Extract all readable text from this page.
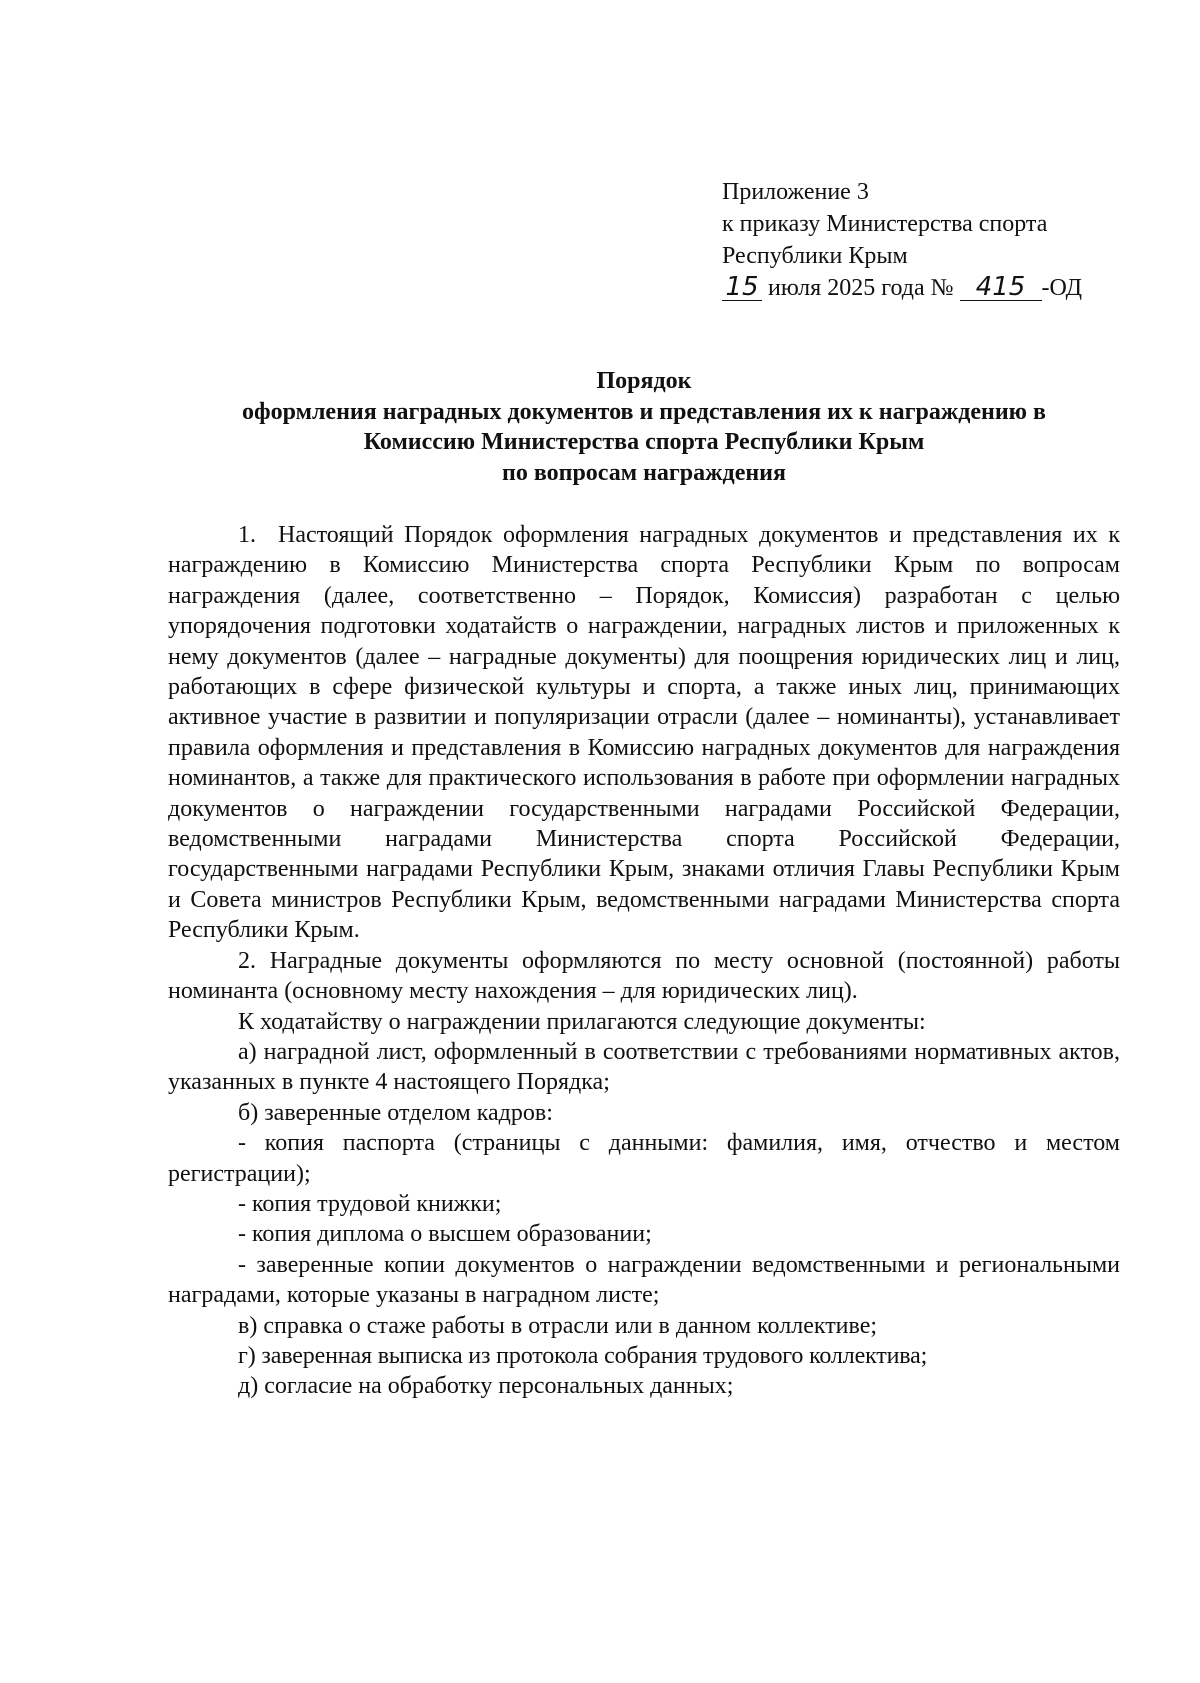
Приложение 3
к приказу Министерства спорта
Республики Крым
15 июля 2025 года № 415 -ОД
Порядок
оформления наградных документов и представления их к награждению в
Комиссию Министерства спорта Республики Крым
по вопросам награждения

1. Настоящий Порядок оформления наградных документов и представления их к награждению в Комиссию Министерства спорта Республики Крым по вопросам награждения (далее, соответственно – Порядок, Комиссия) разработан с целью упорядочения подготовки ходатайств о награждении, наградных листов и приложенных к нему документов (далее – наградные документы) для поощрения юридических лиц и лиц, работающих в сфере физической культуры и спорта, а также иных лиц, принимающих активное участие в развитии и популяризации отрасли (далее – номинанты), устанавливает правила оформления и представления в Комиссию наградных документов для награждения номинантов, а также для практического использования в работе при оформлении наградных документов о награждении государственными наградами Российской Федерации, ведомственными наградами Министерства спорта Российской Федерации, государственными наградами Республики Крым, знаками отличия Главы Республики Крым и Совета министров Республики Крым, ведомственными наградами Министерства спорта Республики Крым.

2. Наградные документы оформляются по месту основной (постоянной) работы номинанта (основному месту нахождения – для юридических лиц).

К ходатайству о награждении прилагаются следующие документы:

а) наградной лист, оформленный в соответствии с требованиями нормативных актов, указанных в пункте 4 настоящего Порядка;

б) заверенные отделом кадров:

- копия паспорта (страницы с данными: фамилия, имя, отчество и местом регистрации);

- копия трудовой книжки;

- копия диплома о высшем образовании;

- заверенные копии документов о награждении ведомственными и региональными наградами, которые указаны в наградном листе;

в) справка о стаже работы в отрасли или в данном коллективе;

г) заверенная выписка из протокола собрания трудового коллектива;

д) согласие на обработку персональных данных;
